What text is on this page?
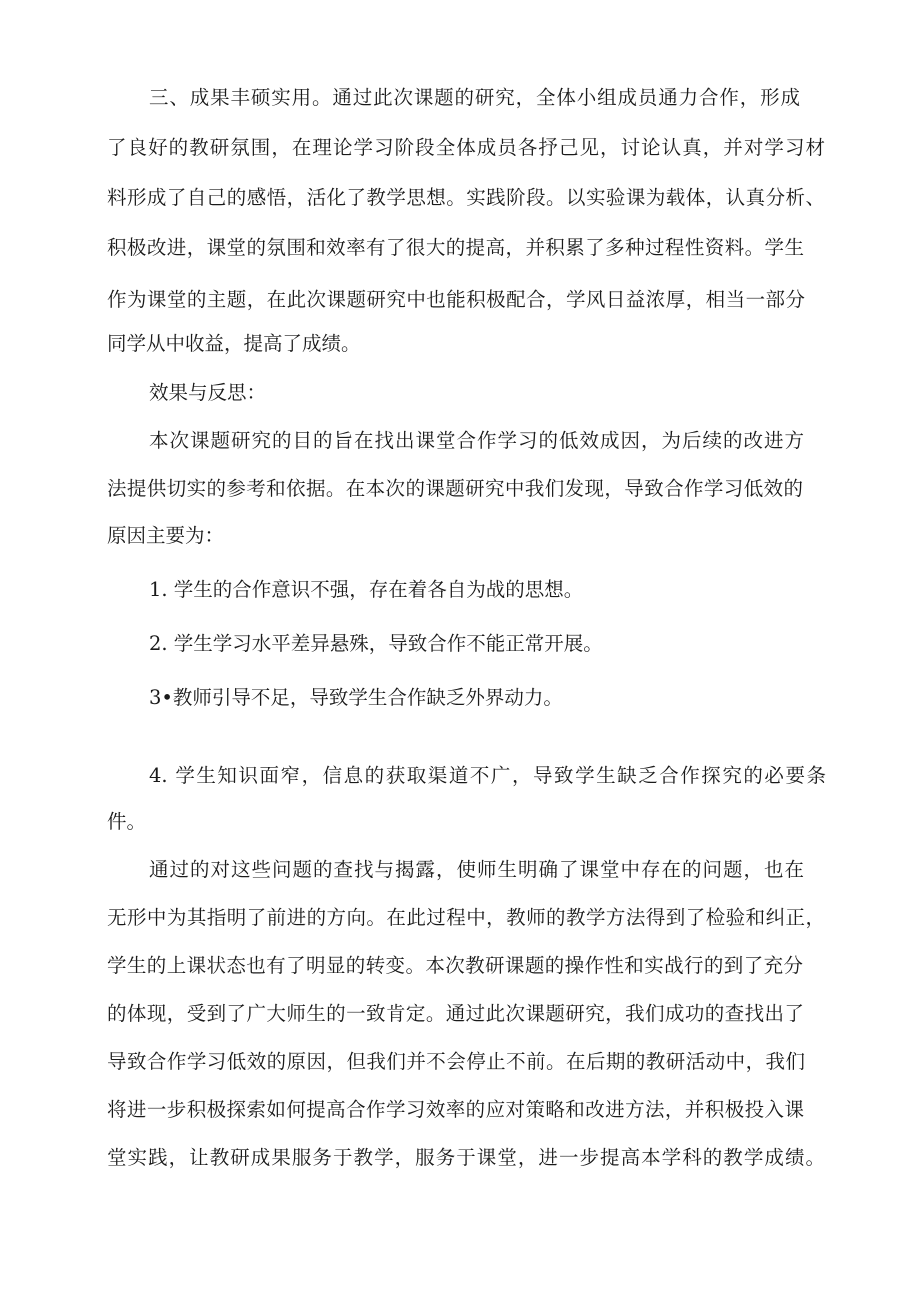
三、成果丰硕实用。通过此次课题的研究，全体小组成员通力合作，形成

了良好的教研氛围，在理论学习阶段全体成员各抒己见，讨论认真，并对学习材

料形成了自己的感悟，活化了教学思想。实践阶段。以实验课为载体，认真分析、

积极改进，课堂的氛围和效率有了很大的提高，并积累了多种过程性资料。学生

作为课堂的主题，在此次课题研究中也能积极配合，学风日益浓厚，相当一部分

同学从中收益，提高了成绩。

效果与反思：

本次课题研究的目的旨在找出课堂合作学习的低效成因，为后续的改进方

法提供切实的参考和依据。在本次的课题研究中我们发现，导致合作学习低效的

原因主要为：

1. 学生的合作意识不强，存在着各自为战的思想。

2. 学生学习水平差异悬殊，导致合作不能正常开展。

3•教师引导不足，导致学生合作缺乏外界动力。

4. 学生知识面窄，信息的获取渠道不广，导致学生缺乏合作探究的必要条

件。

通过的对这些问题的查找与揭露，使师生明确了课堂中存在的问题，也在

无形中为其指明了前进的方向。在此过程中，教师的教学方法得到了检验和纠正，

学生的上课状态也有了明显的转变。本次教研课题的操作性和实战行的到了充分

的体现，受到了广大师生的一致肯定。通过此次课题研究，我们成功的查找出了

导致合作学习低效的原因，但我们并不会停止不前。在后期的教研活动中，我们

将进一步积极探索如何提高合作学习效率的应对策略和改进方法，并积极投入课

堂实践，让教研成果服务于教学，服务于课堂，进一步提高本学科的教学成绩。
